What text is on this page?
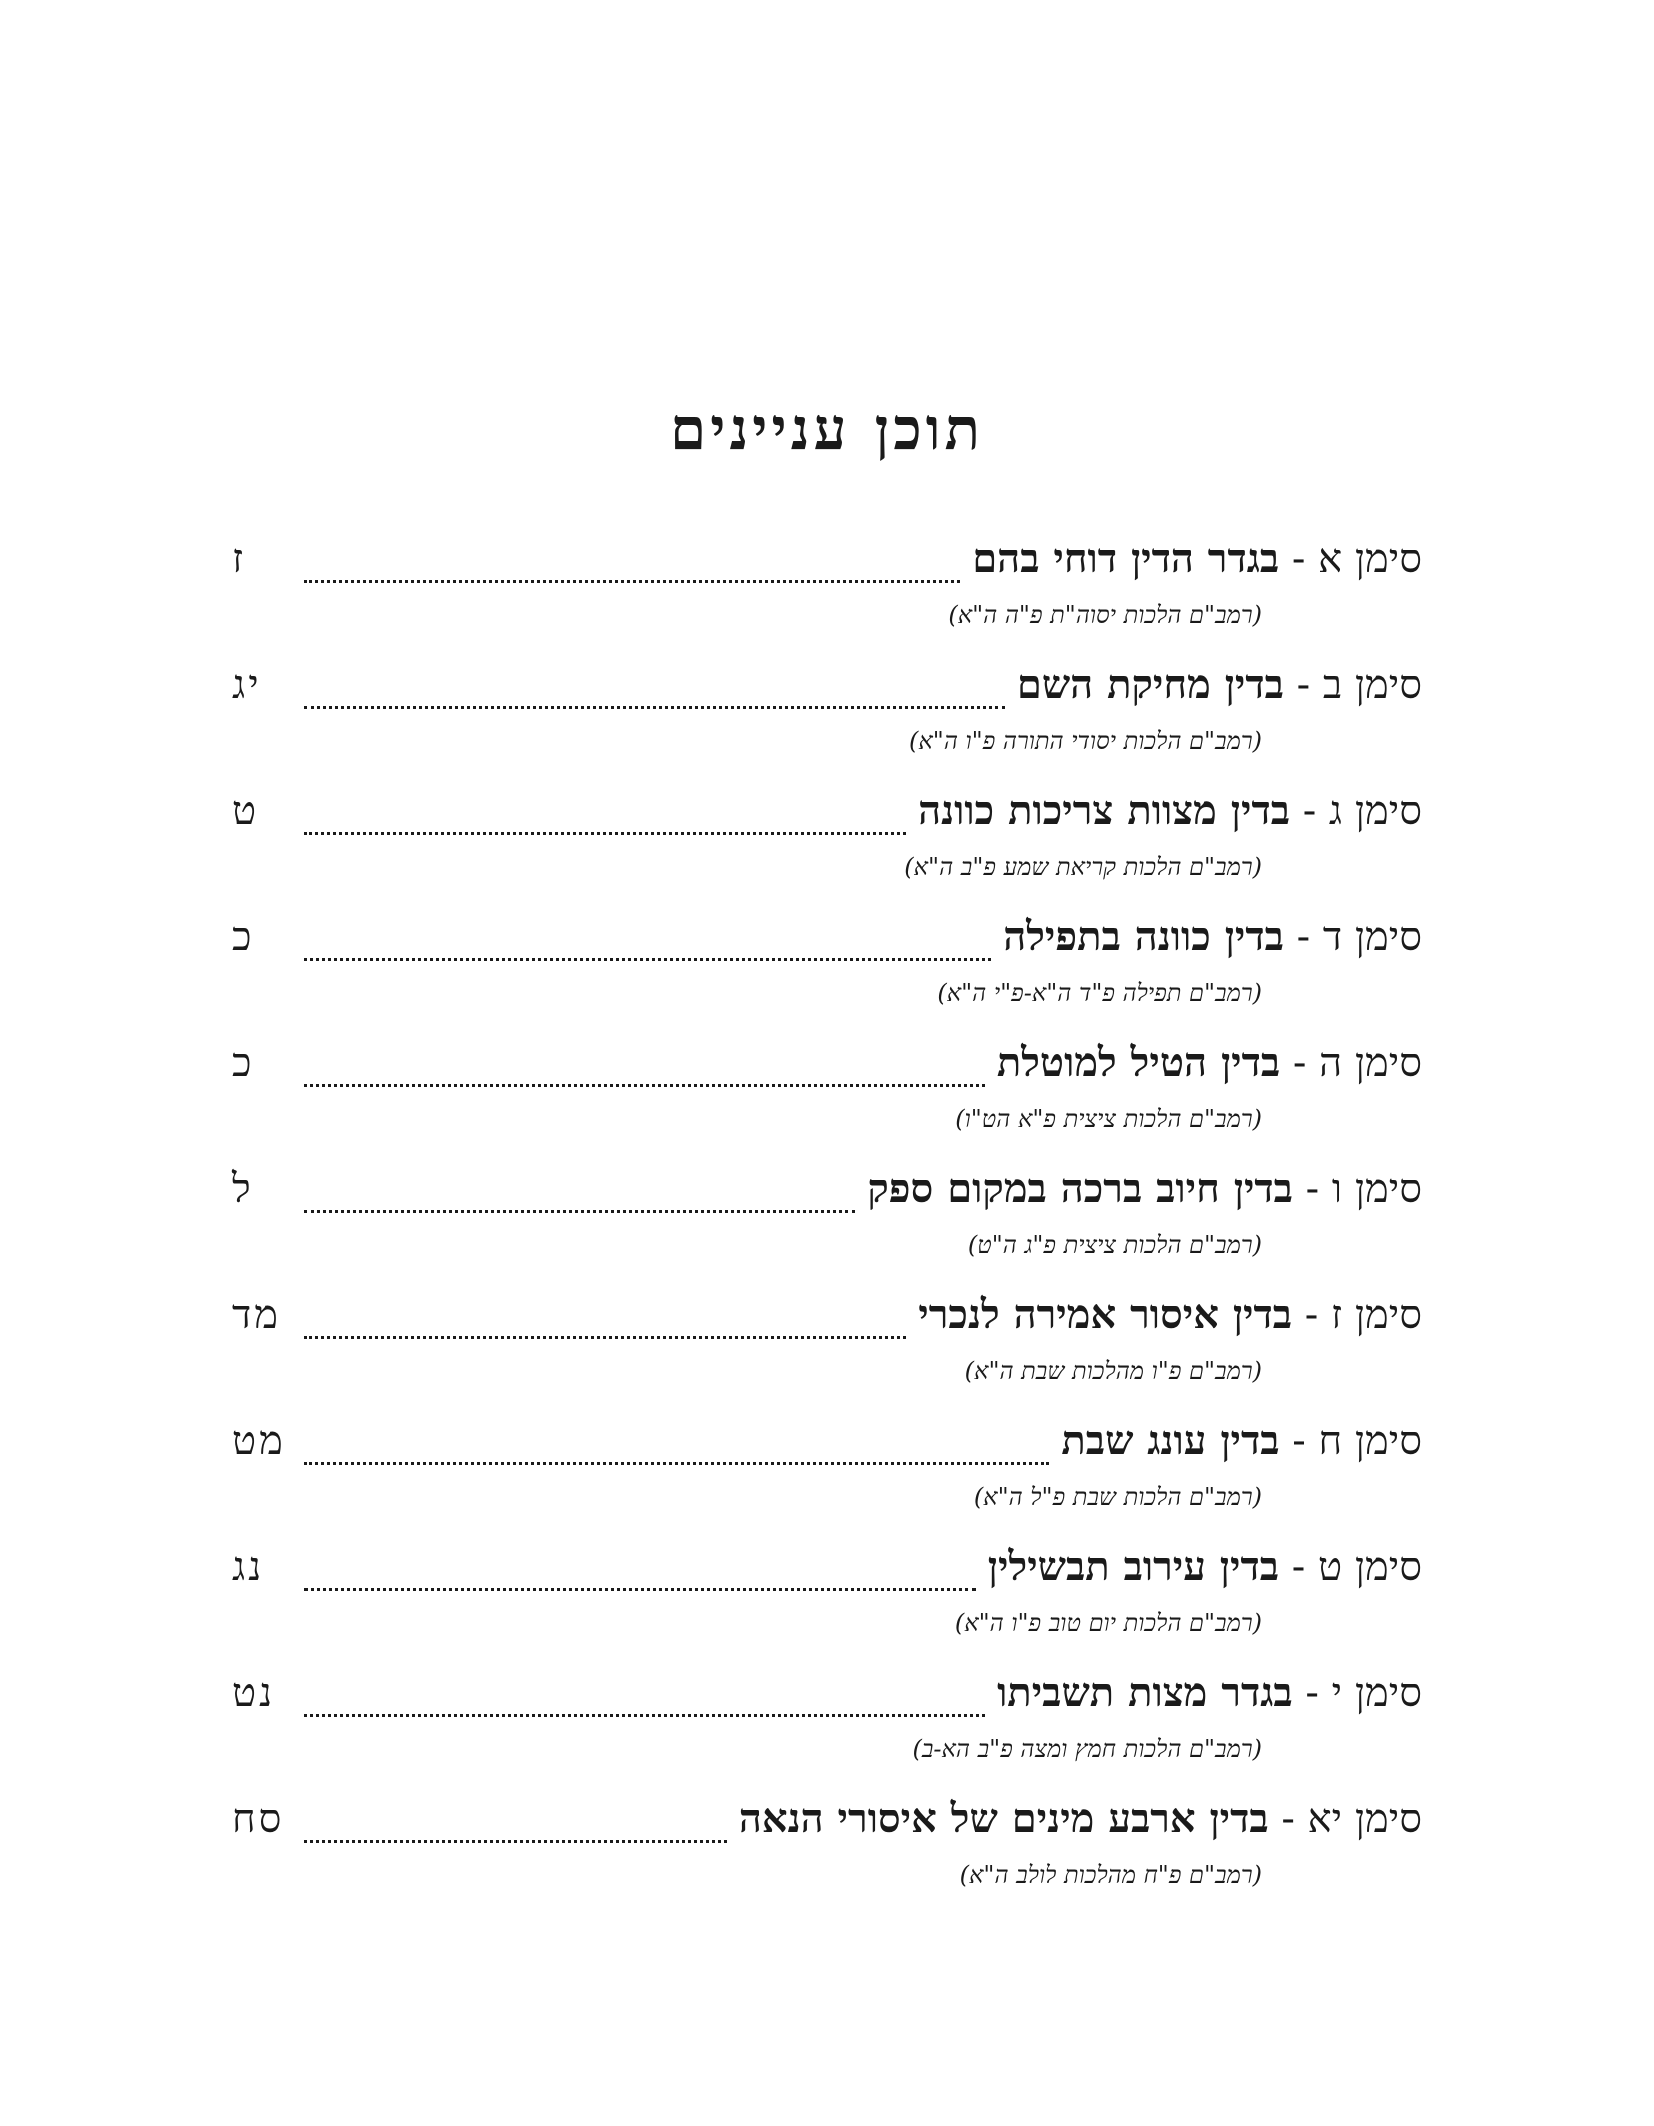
תוכן עניינים
סימן א - בגדר הדין דוחי בהם
ז
(רמב"ם הלכות יסוה"ת פ"ה ה"א)
סימן ב - בדין מחיקת השם
יג
(רמב"ם הלכות יסודי התורה פ"ו ה"א)
סימן ג - בדין מצוות צריכות כוונה
ט
(רמב"ם הלכות קריאת שמע פ"ב ה"א)
סימן ד - בדין כוונה בתפילה
כ
(רמב"ם תפילה פ"ד ה"א-פ"י ה"א)
סימן ה - בדין הטיל למוטלת
כ
(רמב"ם הלכות ציצית פ"א הט"ו)
סימן ו - בדין חיוב ברכה במקום ספק
ל
(רמב"ם הלכות ציצית פ"ג ה"ט)
סימן ז - בדין איסור אמירה לנכרי
מד
(רמב"ם פ"ו מהלכות שבת ה"א)
סימן ח - בדין עונג שבת
מט
(רמב"ם הלכות שבת פ"ל ה"א)
סימן ט - בדין עירוב תבשילין
נג
(רמב"ם הלכות יום טוב פ"ו ה"א)
סימן י - בגדר מצות תשביתו
נט
(רמב"ם הלכות חמץ ומצה פ"ב הא-ב)
סימן יא - בדין ארבע מינים של איסורי הנאה
סח
(רמב"ם פ"ח מהלכות לולב ה"א)
